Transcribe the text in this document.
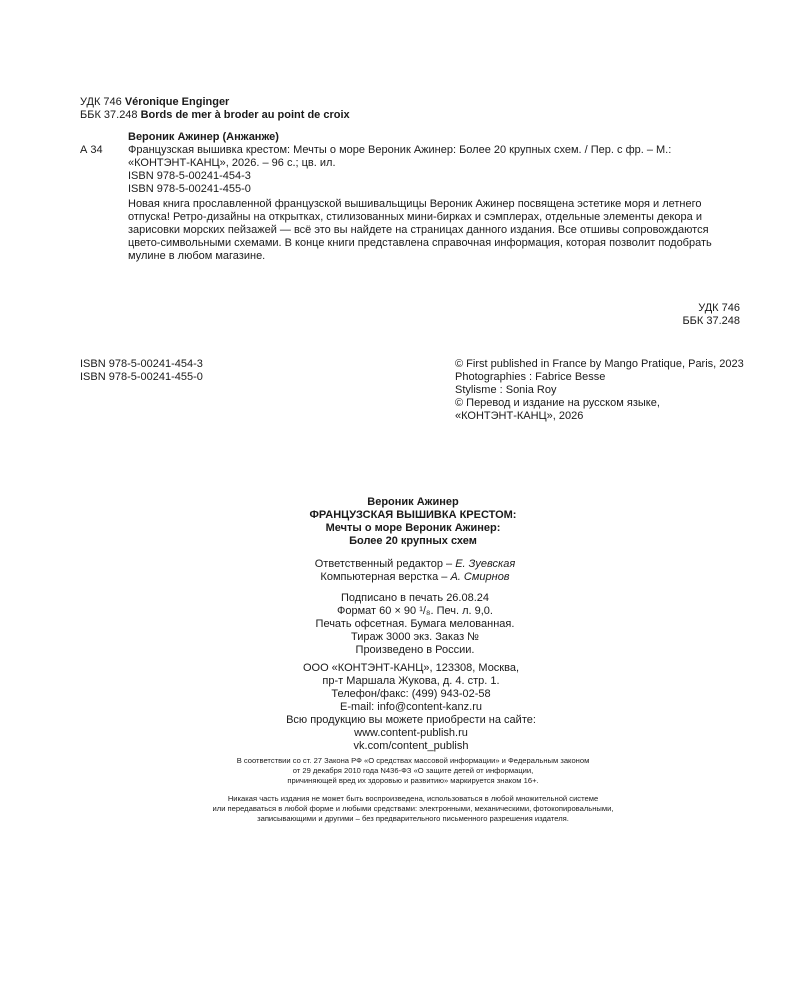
УДК 746 Véronique Enginger
ББК 37.248 Bords de mer à broder au point de croix
Вероник Ажинер (Анжанже)
А 34 Французская вышивка крестом: Мечты о море Вероник Ажинер: Более 20 крупных схем. / Пер. с фр. – М.:
«КОНТЭНТ-КАНЦ», 2026. – 96 с.; цв. ил.
ISBN 978-5-00241-454-3
ISBN 978-5-00241-455-0
Новая книга прославленной французской вышивальщицы Вероник Ажинер посвящена эстетике моря и летнего
отпуска! Ретро-дизайны на открытках, стилизованных мини-бирках и сэмплерах, отдельные элементы декора и
зарисовки морских пейзажей — всё это вы найдете на страницах данного издания. Все отшивы сопровождаются
цвето-символьными схемами. В конце книги представлена справочная информация, которая позволит подобрать
мулине в любом магазине.
УДК 746
ББК 37.248
ISBN 978-5-00241-454-3
ISBN 978-5-00241-455-0
© First published in France by Mango Pratique, Paris, 2023
Photographies : Fabrice Besse
Stylisme : Sonia Roy
© Перевод и издание на русском языке,
«КОНТЭНТ-КАНЦ», 2026
Вероник Ажинер
ФРАНЦУЗСКАЯ ВЫШИВКА КРЕСТОМ:
Мечты о море Вероник Ажинер:
Более 20 крупных схем
Ответственный редактор – Е. Зуевская
Компьютерная верстка – А. Смирнов
Подписано в печать 26.08.24
Формат 60 × 90 ¹/₈. Печ. л. 9,0.
Печать офсетная. Бумага мелованная.
Тираж 3000 экз. Заказ №
Произведено в России.
ООО «КОНТЭНТ-КАНЦ», 123308, Москва,
пр-т Маршала Жукова, д. 4. стр. 1.
Телефон/факс: (499) 943-02-58
E-mail: info@content-kanz.ru
Всю продукцию вы можете приобрести на сайте:
www.content-publish.ru
vk.com/content_publish
В соответствии со ст. 27 Закона РФ «О средствах массовой информации» и Федеральным законом
от 29 декабря 2010 года N436-ФЗ «О защите детей от информации,
причиняющей вред их здоровью и развитию» маркируется знаком 16+.
Никакая часть издания не может быть воспроизведена, использоваться в любой множительной системе
или передаваться в любой форме и любыми средствами: электронными, механическими, фотокопировальными,
записывающими и другими – без предварительного письменного разрешения издателя.
